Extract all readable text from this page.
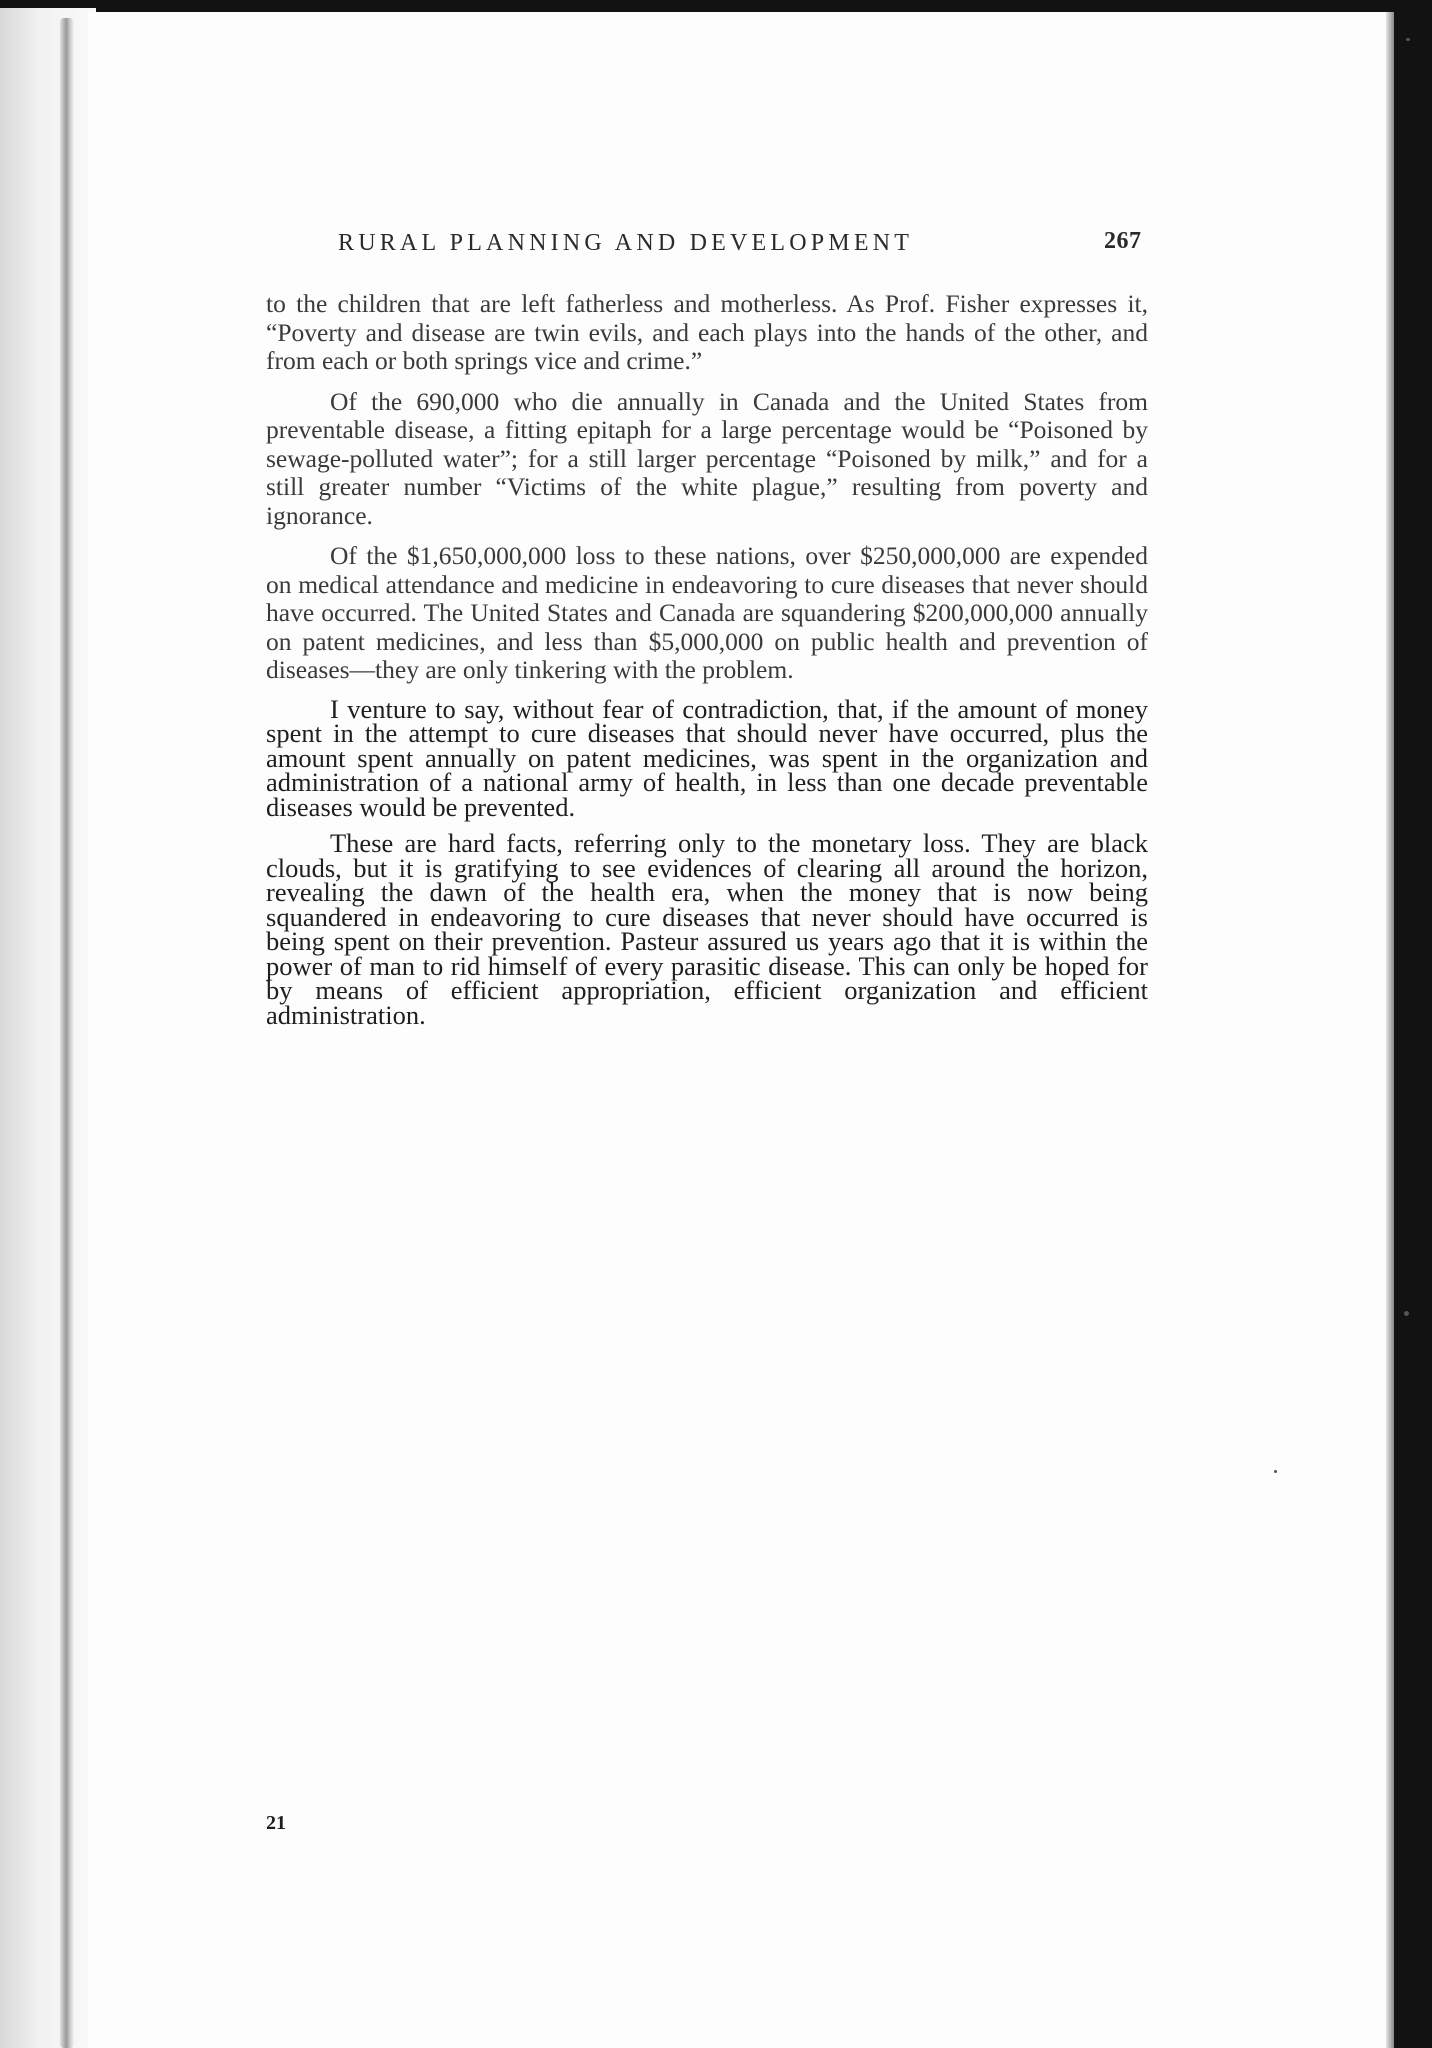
RURAL PLANNING AND DEVELOPMENT	267

to the children that are left fatherless and motherless. As Prof. Fisher expresses it, “Poverty and disease are twin evils, and each plays into the hands of the other, and from each or both springs vice and crime.”

Of the 690,000 who die annually in Canada and the United States from preventable disease, a fitting epitaph for a large percentage would be “Poisoned by sewage-polluted water”; for a still larger percentage “Poisoned by milk,” and for a still greater number “Victims of the white plague,” resulting from poverty and ignorance.

Of the $1,650,000,000 loss to these nations, over $250,000,000 are expended on medical attendance and medicine in endeavoring to cure diseases that never should have occurred. The United States and Canada are squandering $200,000,000 annually on patent medicines, and less than $5,000,000 on public health and prevention of diseases—they are only tinkering with the problem.

I venture to say, without fear of contradiction, that, if the amount of money spent in the attempt to cure diseases that should never have occurred, plus the amount spent annually on patent medicines, was spent in the organization and administration of a national army of health, in less than one decade preventable diseases would be prevented.

These are hard facts, referring only to the monetary loss. They are black clouds, but it is gratifying to see evidences of clearing all around the horizon, revealing the dawn of the health era, when the money that is now being squandered in endeavoring to cure diseases that never should have occurred is being spent on their prevention. Pasteur assured us years ago that it is within the power of man to rid himself of every parasitic disease. This can only be hoped for by means of efficient appropriation, efficient organization and efficient administration.

21
